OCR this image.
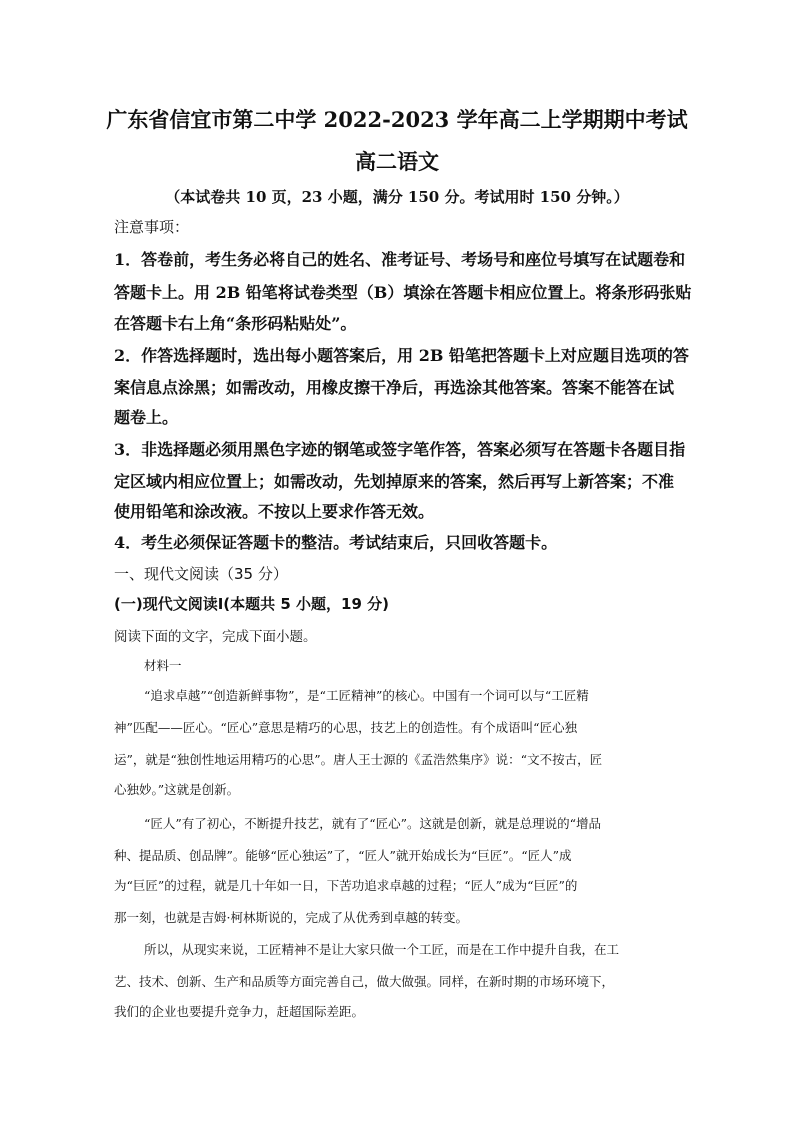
广东省信宜市第二中学 2022-2023 学年高二上学期期中考试
高二语文
（本试卷共 10 页，23 小题，满分 150 分。考试用时 150 分钟。）
注意事项：
1．答卷前，考生务必将自己的姓名、准考证号、考场号和座位号填写在试题卷和
答题卡上。用 2B 铅笔将试卷类型（B）填涂在答题卡相应位置上。将条形码张贴
在答题卡右上角“条形码粘贴处”。
2．作答选择题时，选出每小题答案后，用 2B 铅笔把答题卡上对应题目选项的答
案信息点涂黑；如需改动，用橡皮擦干净后，再选涂其他答案。答案不能答在试
题卷上。
3．非选择题必须用黑色字迹的钢笔或签字笔作答，答案必须写在答题卡各题目指
定区域内相应位置上；如需改动，先划掉原来的答案，然后再写上新答案；不准
使用铅笔和涂改液。不按以上要求作答无效。
4．考生必须保证答题卡的整洁。考试结束后，只回收答题卡。
一、现代文阅读（35 分）
(一)现代文阅读Ⅰ(本题共 5 小题，19 分)
阅读下面的文字，完成下面小题。
材料一
“追求卓越”“创造新鲜事物”，是“工匠精神”的核心。中国有一个词可以与“工匠精
神”匹配——匠心。“匠心”意思是精巧的心思，技艺上的创造性。有个成语叫“匠心独
运”，就是“独创性地运用精巧的心思”。唐人王士源的《孟浩然集序》说：“文不按古，匠
心独妙。”这就是创新。
“匠人”有了初心，不断提升技艺，就有了“匠心”。这就是创新，就是总理说的“增品
种、提品质、创品牌”。能够“匠心独运”了，“匠人”就开始成长为“巨匠”。“匠人”成
为“巨匠”的过程，就是几十年如一日，下苦功追求卓越的过程；“匠人”成为“巨匠”的
那一刻，也就是吉姆·柯林斯说的，完成了从优秀到卓越的转变。
所以，从现实来说，工匠精神不是让大家只做一个工匠，而是在工作中提升自我，在工
艺、技术、创新、生产和品质等方面完善自己，做大做强。同样，在新时期的市场环境下，
我们的企业也要提升竞争力，赶超国际差距。
